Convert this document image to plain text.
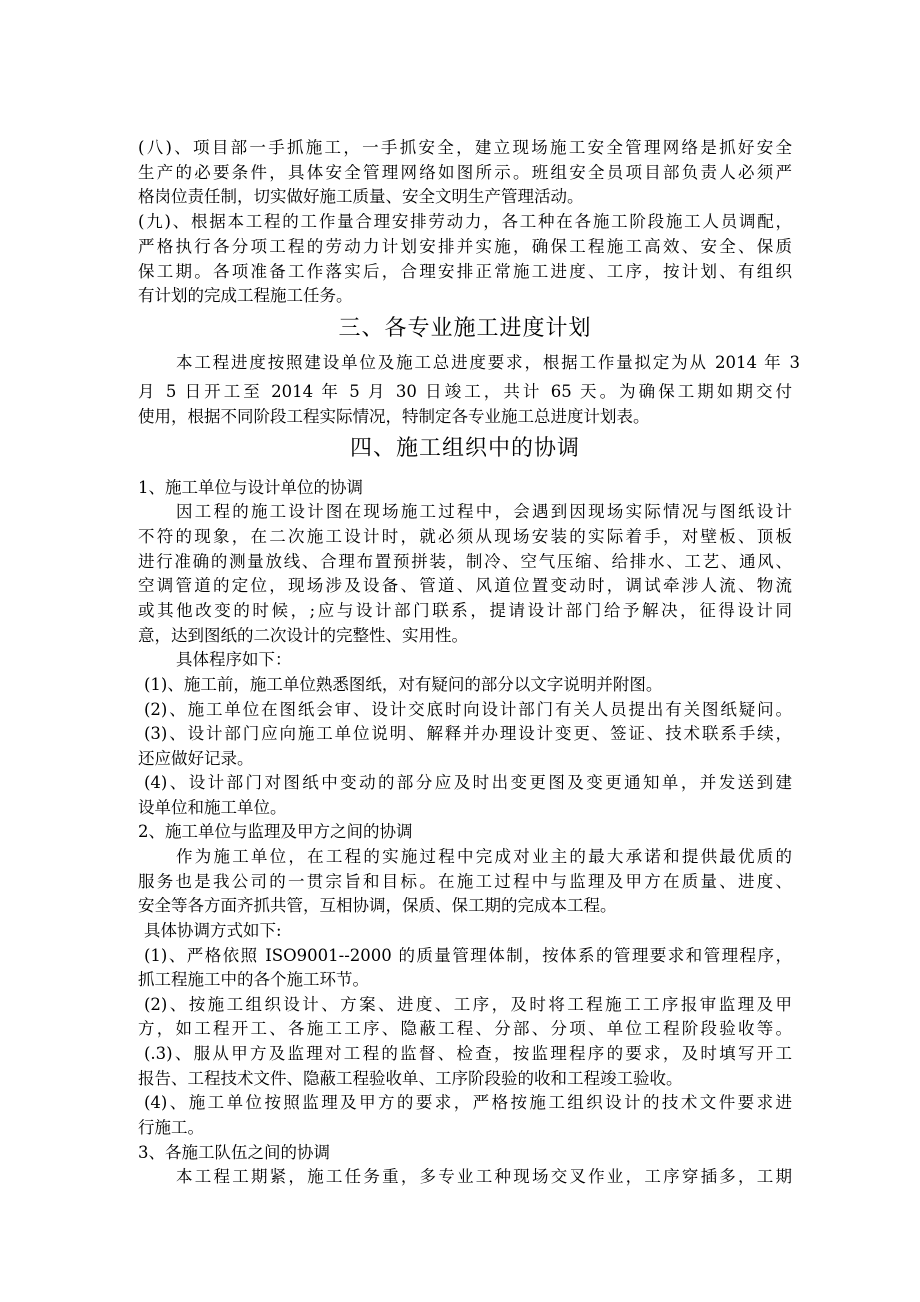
(八)、项目部一手抓施工，一手抓安全，建立现场施工安全管理网络是抓好安全
生产的必要条件，具体安全管理网络如图所示。班组安全员项目部负责人必须严
格岗位责任制，切实做好施工质量、安全文明生产管理活动。
(九)、根据本工程的工作量合理安排劳动力，各工种在各施工阶段施工人员调配，
严格执行各分项工程的劳动力计划安排并实施，确保工程施工高效、安全、保质
保工期。各项准备工作落实后，合理安排正常施工进度、工序，按计划、有组织
有计划的完成工程施工任务。
三、各专业施工进度计划
本工程进度按照建设单位及施工总进度要求，根据工作量拟定为从 2014 年 3
月 5 日开工至 2014 年 5 月 30 日竣工，共计 65 天。为确保工期如期交付
使用，根据不同阶段工程实际情况，特制定各专业施工总进度计划表。
四、施工组织中的协调
1、施工单位与设计单位的协调
因工程的施工设计图在现场施工过程中，会遇到因现场实际情况与图纸设计
不符的现象，在二次施工设计时，就必须从现场安装的实际着手，对壁板、顶板
进行准确的测量放线、合理布置预拼装，制冷、空气压缩、给排水、工艺、通风、
空调管道的定位，现场涉及设备、管道、风道位置变动时，调试牵涉人流、物流
或其他改变的时候，;应与设计部门联系，提请设计部门给予解决，征得设计同
意，达到图纸的二次设计的完整性、实用性。
具体程序如下：
(1)、施工前，施工单位熟悉图纸，对有疑问的部分以文字说明并附图。
(2)、施工单位在图纸会审、设计交底时向设计部门有关人员提出有关图纸疑问。
(3)、设计部门应向施工单位说明、解释并办理设计变更、签证、技术联系手续，
还应做好记录。
(4)、设计部门对图纸中变动的部分应及时出变更图及变更通知单，并发送到建
设单位和施工单位。
2、施工单位与监理及甲方之间的协调
作为施工单位，在工程的实施过程中完成对业主的最大承诺和提供最优质的
服务也是我公司的一贯宗旨和目标。在施工过程中与监理及甲方在质量、进度、
安全等各方面齐抓共管，互相协调，保质、保工期的完成本工程。
具体协调方式如下:
(1)、严格依照 ISO9001--2000 的质量管理体制，按体系的管理要求和管理程序，
抓工程施工中的各个施工环节。
(2)、按施工组织设计、方案、进度、工序，及时将工程施工工序报审监理及甲
方，如工程开工、各施工工序、隐蔽工程、分部、分项、单位工程阶段验收等。
(.3)、服从甲方及监理对工程的监督、检查，按监理程序的要求，及时填写开工
报告、工程技术文件、隐蔽工程验收单、工序阶段验的收和工程竣工验收。
(4)、施工单位按照监理及甲方的要求，严格按施工组织设计的技术文件要求进
行施工。
3、各施工队伍之间的协调
本工程工期紧，施工任务重，多专业工种现场交叉作业，工序穿插多，工期
